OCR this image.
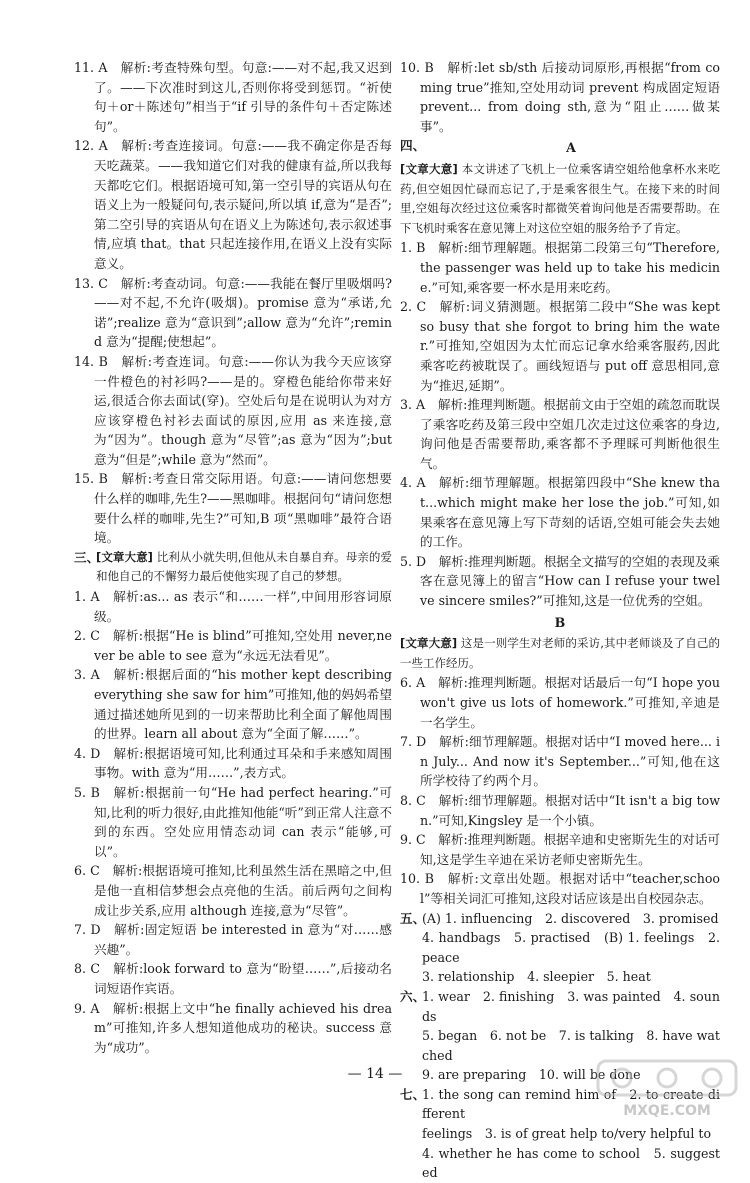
11. A　解析:考查特殊句型。句意:——对不起,我又迟到了。——下次准时到这儿,否则你将受到惩罚。“祈使句＋or＋陈述句”相当于“if 引导的条件句＋否定陈述句”。
12. A　解析:考查连接词。句意:——我不确定你是否每天吃蔬菜。——我知道它们对我的健康有益,所以我每天都吃它们。根据语境可知,第一空引导的宾语从句在语义上为一般疑问句,表示疑问,所以填 if,意为“是否”;第二空引导的宾语从句在语义上为陈述句,表示叙述事情,应填 that。that 只起连接作用,在语义上没有实际意义。
13. C　解析:考查动词。句意:——我能在餐厅里吸烟吗?——对不起,不允许(吸烟)。promise 意为“承诺,允诺”;realize 意为“意识到”;allow 意为“允许”;remind 意为“提醒;使想起”。
14. B　解析:考查连词。句意:——你认为我今天应该穿一件橙色的衬衫吗?——是的。穿橙色能给你带来好运,很适合你去面试(穿)。空处后句是在说明认为对方应该穿橙色衬衫去面试的原因,应用 as 来连接,意为“因为”。though 意为“尽管”;as 意为“因为”;but 意为“但是”;while 意为“然而”。
15. B　解析:考查日常交际用语。句意:——请问您想要什么样的咖啡,先生?——黑咖啡。根据问句“请问您想要什么样的咖啡,先生?”可知,B 项“黑咖啡”最符合语境。
三、
[文章大意] 比利从小就失明,但他从未自暴自弃。母亲的爱和他自己的不懈努力最后使他实现了自己的梦想。
1. A　解析:as... as 表示“和……一样”,中间用形容词原级。
2. C　解析:根据“He is blind”可推知,空处用 never,never be able to see 意为“永远无法看见”。
3. A　解析:根据后面的“his mother kept describing everything she saw for him”可推知,他的妈妈希望通过描述她所见到的一切来帮助比利全面了解他周围的世界。learn all about 意为“全面了解……”。
4. D　解析:根据语境可知,比利通过耳朵和手来感知周围事物。with 意为“用……”,表方式。
5. B　解析:根据前一句“He had perfect hearing.”可知,比利的听力很好,由此推知他能“听”到正常人注意不到的东西。空处应用情态动词 can 表示“能够,可以”。
6. C　解析:根据语境可推知,比利虽然生活在黑暗之中,但是他一直相信梦想会点亮他的生活。前后两句之间构成让步关系,应用 although 连接,意为“尽管”。
7. D　解析:固定短语 be interested in 意为“对……感兴趣”。
8. C　解析:look forward to 意为“盼望……”,后接动名词短语作宾语。
9. A　解析:根据上文中“he finally achieved his dream”可推知,许多人想知道他成功的秘诀。success 意为“成功”。
10. B　解析:let sb/sth 后接动词原形,再根据“from coming true”推知,空处用动词 prevent 构成固定短语 prevent... from doing sth,意为“阻止……做某事”。
四、	A
[文章大意] 本文讲述了飞机上一位乘客请空姐给他拿杯水来吃药,但空姐因忙碌而忘记了,于是乘客很生气。在接下来的时间里,空姐每次经过这位乘客时都微笑着询问他是否需要帮助。在下飞机时乘客在意见簿上对这位空姐的服务给予了肯定。
1. B　解析:细节理解题。根据第二段第三句“Therefore, the passenger was held up to take his medicine.”可知,乘客要一杯水是用来吃药。
2. C　解析:词义猜测题。根据第二段中“She was kept so busy that she forgot to bring him the water.”可推知,空姐因为太忙而忘记拿水给乘客服药,因此乘客吃药被耽误了。画线短语与 put off 意思相同,意为“推迟,延期”。
3. A　解析:推理判断题。根据前文由于空姐的疏忽而耽误了乘客吃药及第三段中空姐几次走过这位乘客的身边,询问他是否需要帮助,乘客都不予理睬可判断他很生气。
4. A　解析:细节理解题。根据第四段中“She knew that...which might make her lose the job.”可知,如果乘客在意见簿上写下苛刻的话语,空姐可能会失去她的工作。
5. D　解析:推理判断题。根据全文描写的空姐的表现及乘客在意见簿上的留言“How can I refuse your twelve sincere smiles?”可推知,这是一位优秀的空姐。
B
[文章大意] 这是一则学生对老师的采访,其中老师谈及了自己的一些工作经历。
6. A　解析:推理判断题。根据对话最后一句“I hope you won't give us lots of homework.”可推知,辛迪是一名学生。
7. D　解析:细节理解题。根据对话中“I moved here... in July... And now it's September...”可知,他在这所学校待了约两个月。
8. C　解析:细节理解题。根据对话中“It isn't a big town.”可知,Kingsley 是一个小镇。
9. C　解析:推理判断题。根据辛迪和史密斯先生的对话可知,这是学生辛迪在采访老师史密斯先生。
10. B　解析:文章出处题。根据对话中“teacher,school”等相关词汇可推知,这段对话应该是出自校园杂志。
五、
(A) 1. influencing　2. discovered　3. promised
4. handbags　5. practised　(B) 1. feelings　2. peace
3. relationship　4. sleepier　5. heat
六、
1. wear　2. finishing　3. was painted　4. sounds
5. began　6. not be　7. is talking　8. have watched
9. are preparing　10. will be done
七、
1. the song can remind him of　2. to create different
feelings　3. is of great help to/very helpful to
4. whether he has come to school　5. suggested
— 14 —
MXQE.COM
